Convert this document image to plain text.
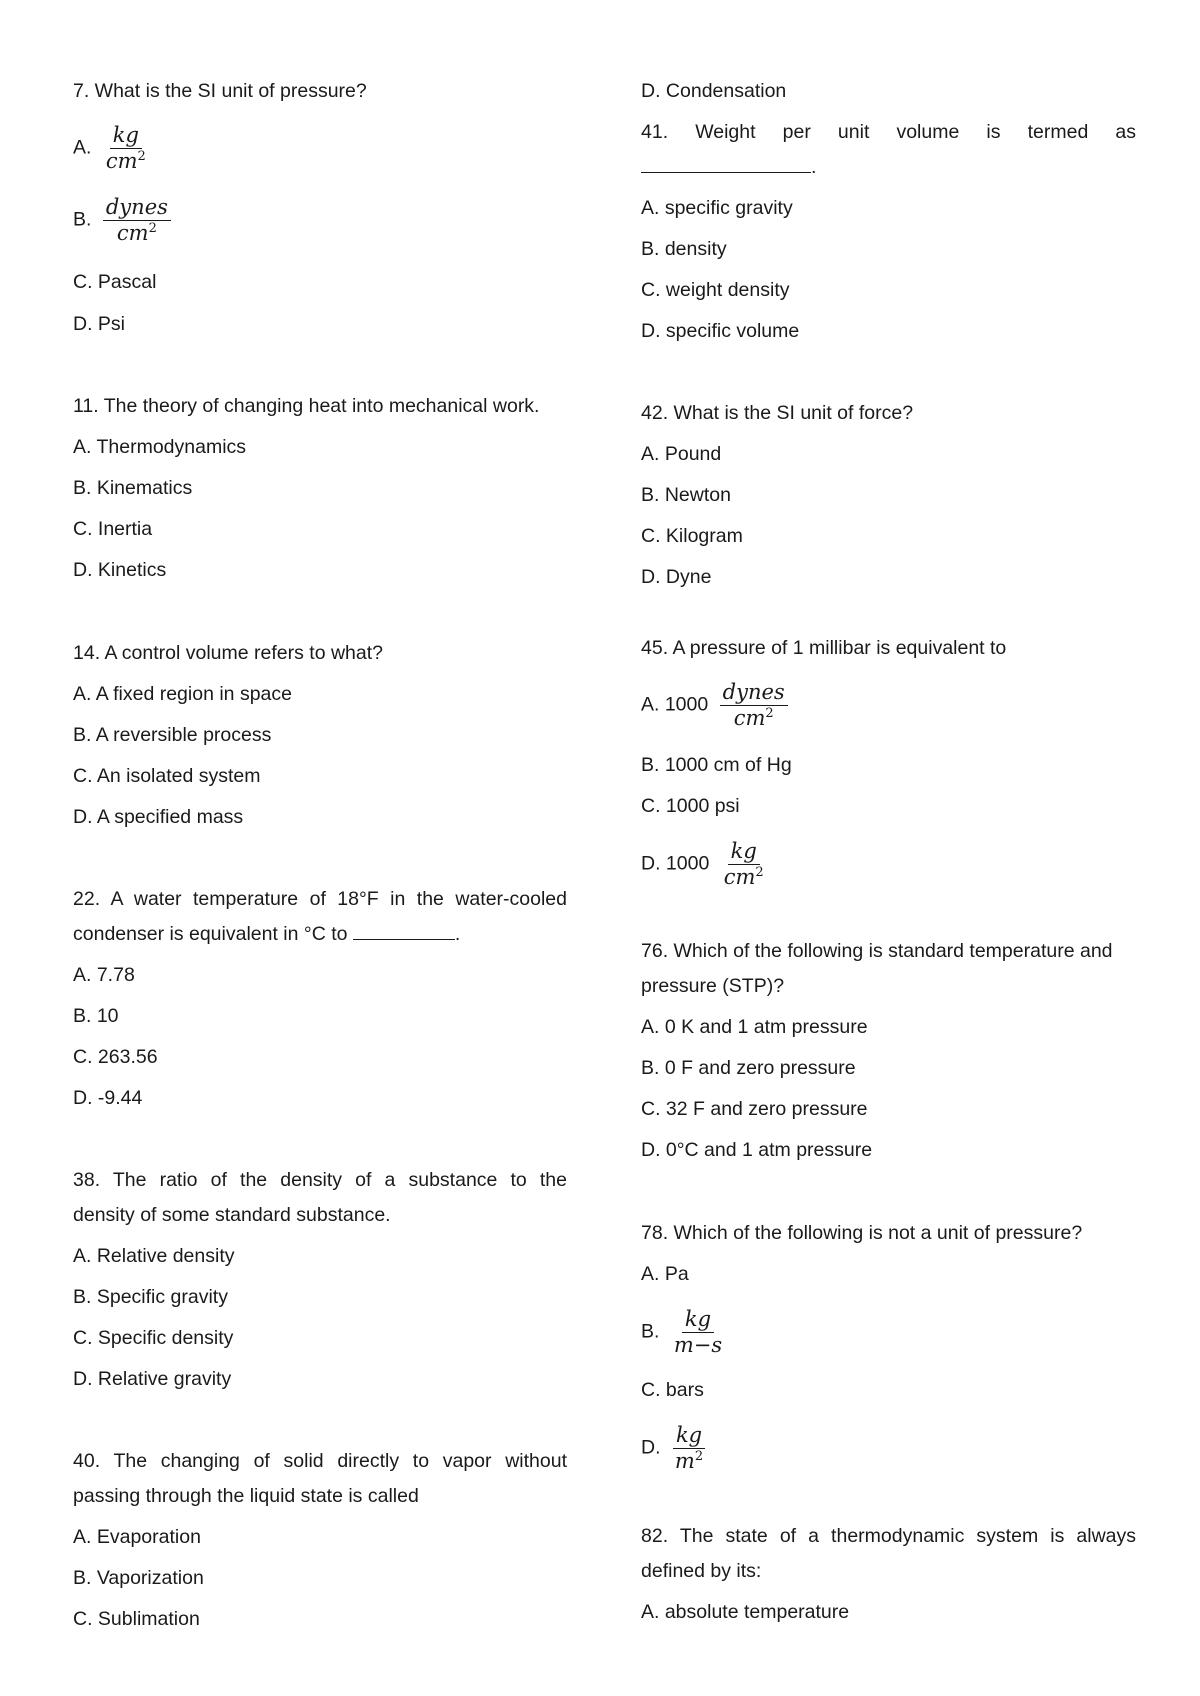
7. What is the SI unit of pressure?
A. $\frac{kg}{cm^2}$
B. $\frac{\text{dynes}}{cm^2}$
C. Pascal
D. Psi
11. The theory of changing heat into mechanical work.
A. Thermodynamics
B. Kinematics
C. Inertia
D. Kinetics
14. A control volume refers to what?
A. A fixed region in space
B. A reversible process
C. An isolated system
D. A specified mass
22. A water temperature of 18°F in the water-cooled
condenser is equivalent in °C to	.
A. 7.78
B. 10
C. 263.56
D. -9.44
38. The ratio of the density of a substance to the
density of some standard substance.
A. Relative density
B. Specific gravity
C. Specific density
D. Relative gravity
40. The changing of solid directly to vapor without
passing through the liquid state is called
A. Evaporation
B. Vaporization
C. Sublimation
D. Condensation
41. Weight per unit volume is termed as
.
A. specific gravity
B. density
C. weight density
D. specific volume
42. What is the SI unit of force?
A. Pound
B. Newton
C. Kilogram
D. Dyne
45. A pressure of 1 millibar is equivalent to
A. $1000 \frac{\text{dynes}}{cm^2}$
B. 1000 cm of Hg
C. 1000 psi
D. $1000 \frac{kg}{cm^2}$
76. Which of the following is standard temperature and
pressure (STP)?
A. 0 K and 1 atm pressure
B. 0 F and zero pressure
C. 32 F and zero pressure
D. 0°C and 1 atm pressure
78. Which of the following is not a unit of pressure?
A. Pa
B. $\frac{kg}{m-s}$
C. bars
D. $\frac{kg}{m^2}$
82. The state of a thermodynamic system is always
defined by its:
A. absolute temperature
